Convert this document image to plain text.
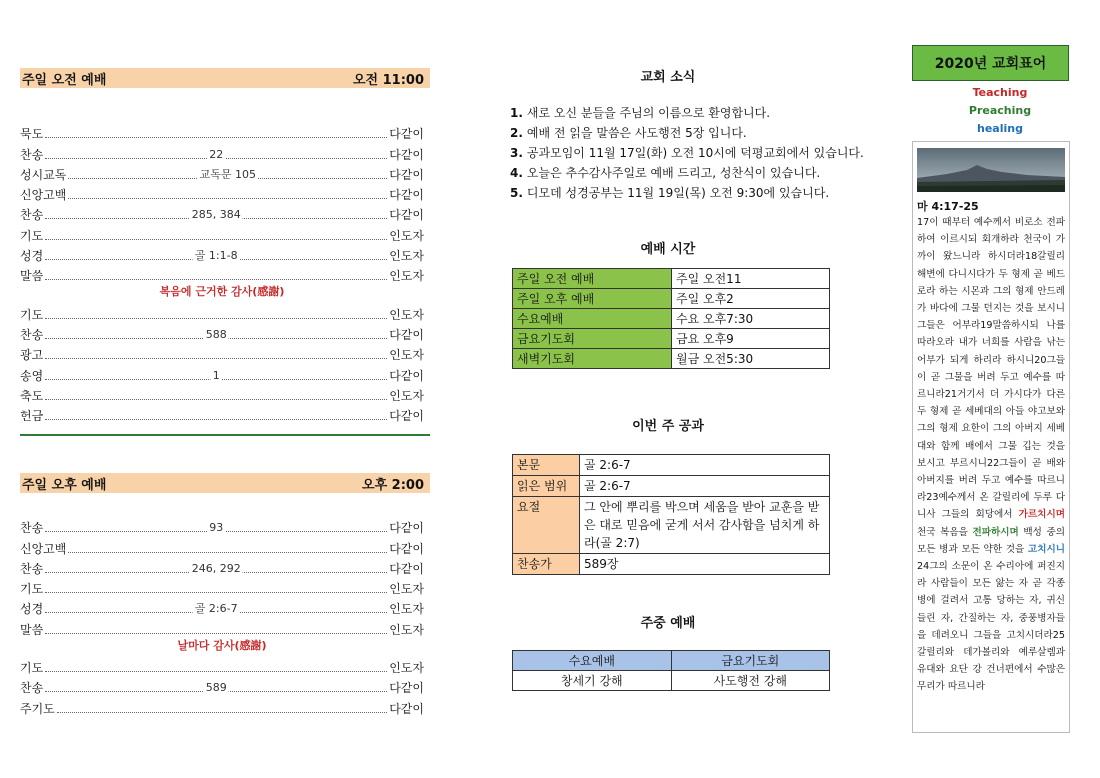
주일 오전 예배	오전 11:00
묵도	다같이
찬송	22	다같이
성시교독	교독문 105	다같이
신앙고백	다같이
찬송	285, 384	다같이
기도	인도자
성경	골 1:1-8	인도자
말씀	인도자
복음에 근거한 감사(感謝)
기도	인도자
찬송	588	다같이
광고	인도자
송영	1	다같이
축도	인도자
헌금	다같이
주일 오후 예배	오후 2:00
찬송	93	다같이
신앙고백	다같이
찬송	246, 292	다같이
기도	인도자
성경	골 2:6-7	인도자
말씀	인도자
날마다 감사(感謝)
기도	인도자
찬송	589	다같이
주기도	다같이
교회 소식
1. 새로 오신 분들을 주님의 이름으로 환영합니다.
2. 예배 전 읽을 말씀은 사도행전 5장 입니다.
3. 공과모임이 11월 17일(화) 오전 10시에 덕평교회에서 있습니다.
4. 오늘은 추수감사주일로 예배 드리고, 성찬식이 있습니다.
5. 디모데 성경공부는 11월 19일(목) 오전 9:30에 있습니다.
예배 시간
주일 오전 예배	주일 오전11
주일 오후 예배	주일 오후2
수요예배	수요 오후7:30
금요기도회	금요 오후9
새벽기도회	월금 오전5:30
이번 주 공과
본문	골 2:6-7
읽은 범위	골 2:6-7
요절	그 안에 뿌리를 박으며 세움을 받아 교훈을 받은 대로 믿음에 굳게 서서 감사함을 넘치게 하라(골 2:7)
찬송가	589장
주중 예배
수요예배	금요기도회
창세기 강해	사도행전 강해
2020년 교회표어
Teaching
Preaching
healing
마 4:17-25
17이 때부터 예수께서 비로소 전파하여 이르시되 회개하라 천국이 가까이 왔느니라 하시더라18갈릴리 해변에 다니시다가 두 형제 곧 베드로라 하는 시몬과 그의 형제 안드레가 바다에 그물 던지는 것을 보시니 그들은 어부라19말씀하시되 나를 따라오라 내가 너희를 사람을 낚는 어부가 되게 하리라 하시니20그들이 곧 그물을 버려 두고 예수를 따르니라21거기서 더 가시다가 다른 두 형제 곧 세베대의 아들 야고보와 그의 형제 요한이 그의 아버지 세베대와 함께 배에서 그물 깁는 것을 보시고 부르시니22그들이 곧 배와 아버지를 버려 두고 예수를 따르니라23예수께서 온 갈릴리에 두루 다니사 그들의 회당에서 가르치시며 천국 복음을 전파하시며 백성 중의 모든 병과 모든 약한 것을 고치시니24그의 소문이 온 수리아에 퍼진지라 사람들이 모든 앓는 자 곧 각종 병에 걸려서 고통 당하는 자, 귀신 들린 자, 간질하는 자, 중풍병자들을 데려오니 그들을 고치시더라25갈릴리와 데가볼리와 예루살렘과 유대와 요단 강 건너편에서 수많은 무리가 따르니라
